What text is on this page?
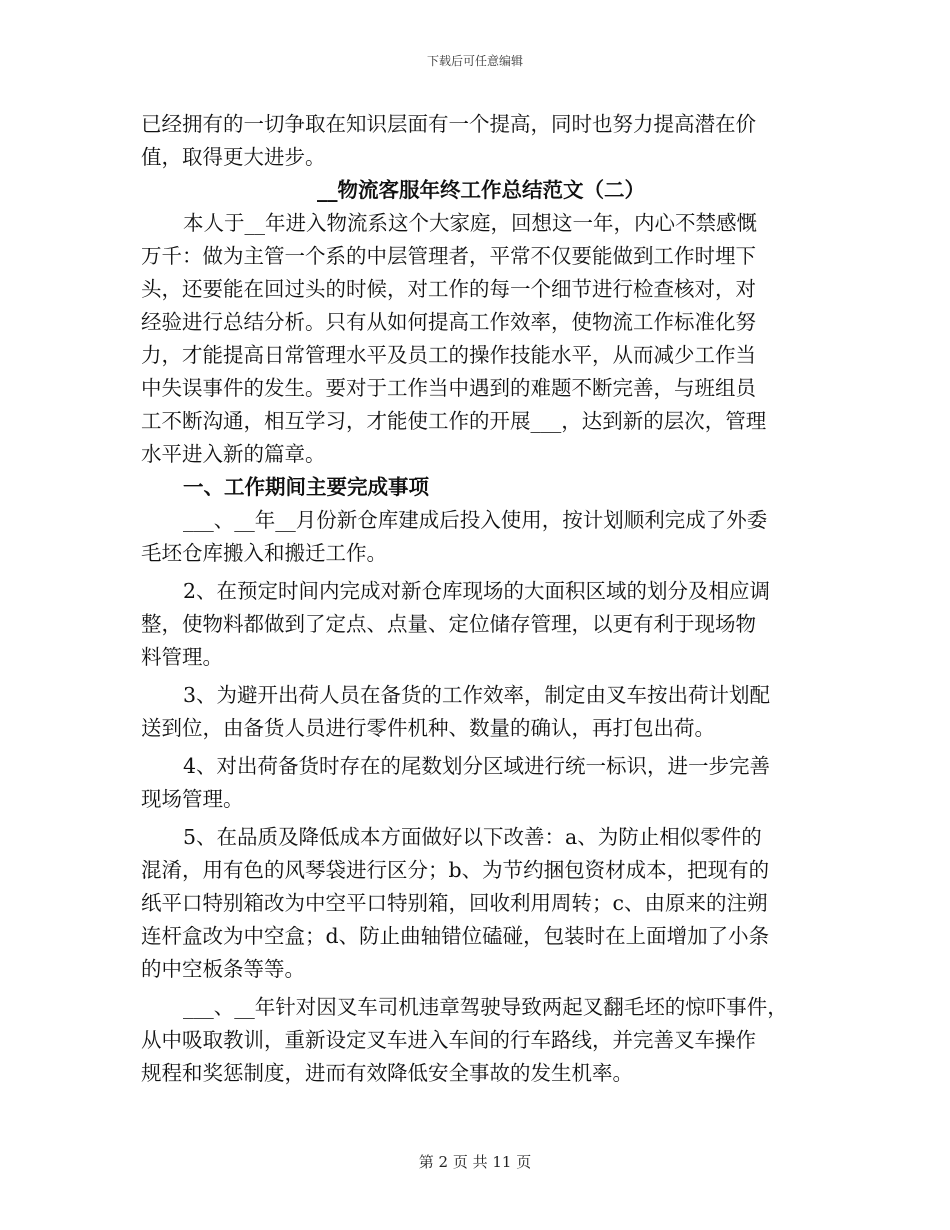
下载后可任意编辑
已经拥有的一切争取在知识层面有一个提高，同时也努力提高潜在价
值，取得更大进步。
__物流客服年终工作总结范文（二）
本人于__年进入物流系这个大家庭，回想这一年，内心不禁感慨
万千：做为主管一个系的中层管理者，平常不仅要能做到工作时埋下
头，还要能在回过头的时候，对工作的每一个细节进行检查核对，对
经验进行总结分析。只有从如何提高工作效率，使物流工作标准化努
力，才能提高日常管理水平及员工的操作技能水平，从而减少工作当
中失误事件的发生。要对于工作当中遇到的难题不断完善，与班组员
工不断沟通，相互学习，才能使工作的开展___，达到新的层次，管理
水平进入新的篇章。
一、工作期间主要完成事项
___、__年__月份新仓库建成后投入使用，按计划顺利完成了外委
毛坯仓库搬入和搬迁工作。
2、在预定时间内完成对新仓库现场的大面积区域的划分及相应调
整，使物料都做到了定点、点量、定位储存管理，以更有利于现场物
料管理。
3、为避开出荷人员在备货的工作效率，制定由叉车按出荷计划配
送到位，由备货人员进行零件机种、数量的确认，再打包出荷。
4、对出荷备货时存在的尾数划分区域进行统一标识，进一步完善
现场管理。
5、在品质及降低成本方面做好以下改善：a、为防止相似零件的
混淆，用有色的风琴袋进行区分；b、为节约捆包资材成本，把现有的
纸平口特别箱改为中空平口特别箱，回收利用周转；c、由原来的注朔
连杆盒改为中空盒；d、防止曲轴错位磕碰，包装时在上面增加了小条
的中空板条等等。
___、__年针对因叉车司机违章驾驶导致两起叉翻毛坯的惊吓事件，
从中吸取教训，重新设定叉车进入车间的行车路线，并完善叉车操作
规程和奖惩制度，进而有效降低安全事故的发生机率。
第 2 页 共 11 页
